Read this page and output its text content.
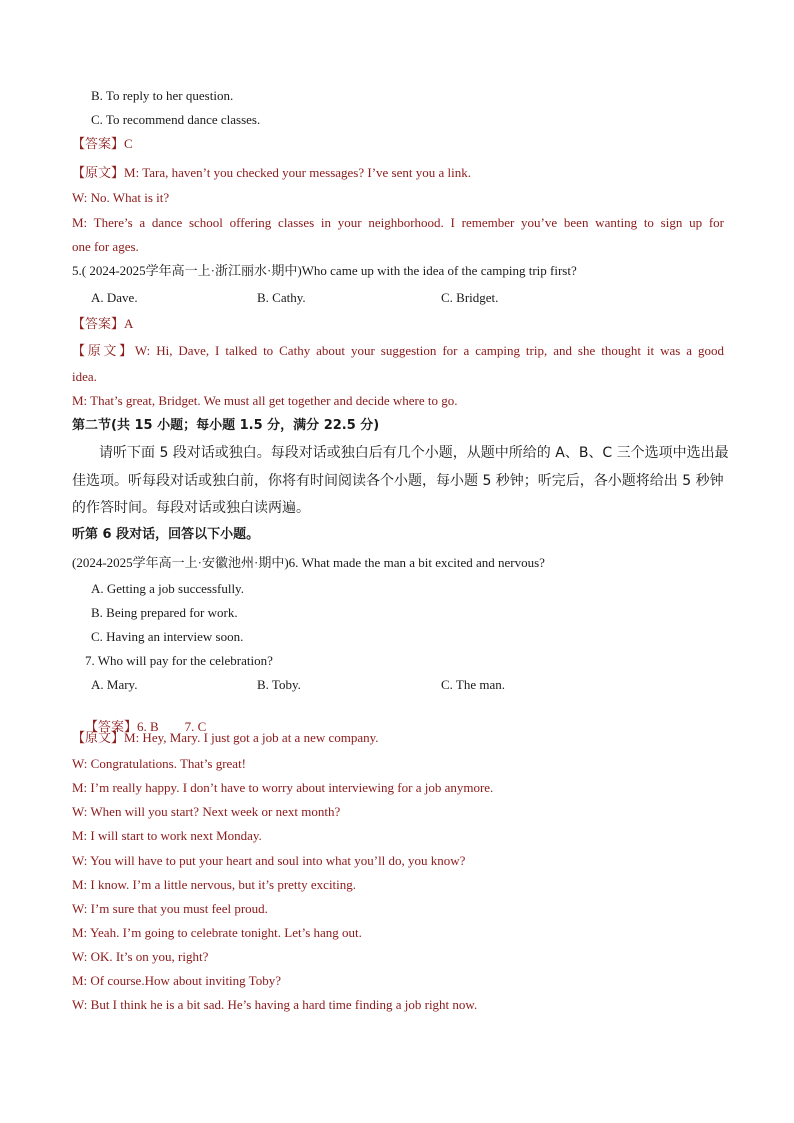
B. To reply to her question.
C. To recommend dance classes.
【答案】C
【原文】M: Tara, haven’t you checked your messages? I’ve sent you a link.
W: No. What is it?
M: There’s a dance school offering classes in your neighborhood. I remember you’ve been wanting to sign up for
one for ages.
5.( 2024-2025学年高一上·浙江丽水·期中)Who came up with the idea of the camping trip first?
A. Dave.	B. Cathy.	C. Bridget.
【答案】A
【原文】W: Hi, Dave, I talked to Cathy about your suggestion for a camping trip, and she thought it was a good
idea.
M: That’s great, Bridget. We must all get together and decide where to go.
第二节(共 15 小题；每小题 1.5 分，满分 22.5 分)
请听下面 5 段对话或独白。每段对话或独白后有几个小题，从题中所给的 A、B、C 三个选项中选出最
佳选项。听每段对话或独白前，你将有时间阅读各个小题，每小题 5 秒钟；听完后，各小题将给出 5 秒钟
的作答时间。每段对话或独白读两遍。
听第 6 段对话，回答以下小题。
(2024-2025学年高一上·安徽池州·期中)6. What made the man a bit excited and nervous?
A. Getting a job successfully.
B. Being prepared for work.
C. Having an interview soon.
7. Who will pay for the celebration?
A. Mary.	B. Toby.	C. The man.

【答案】6. B        7. C

【原文】M: Hey, Mary. I just got a job at a new company.
W: Congratulations. That’s great!
M: I’m really happy. I don’t have to worry about interviewing for a job anymore.
W: When will you start? Next week or next month?
M: I will start to work next Monday.
W: You will have to put your heart and soul into what you’ll do, you know?
M: I know. I’m a little nervous, but it’s pretty exciting.
W: I’m sure that you must feel proud.
M: Yeah. I’m going to celebrate tonight. Let’s hang out.
W: OK. It’s on you, right?
M: Of course.How about inviting Toby?
W: But I think he is a bit sad. He’s having a hard time finding a job right now.
